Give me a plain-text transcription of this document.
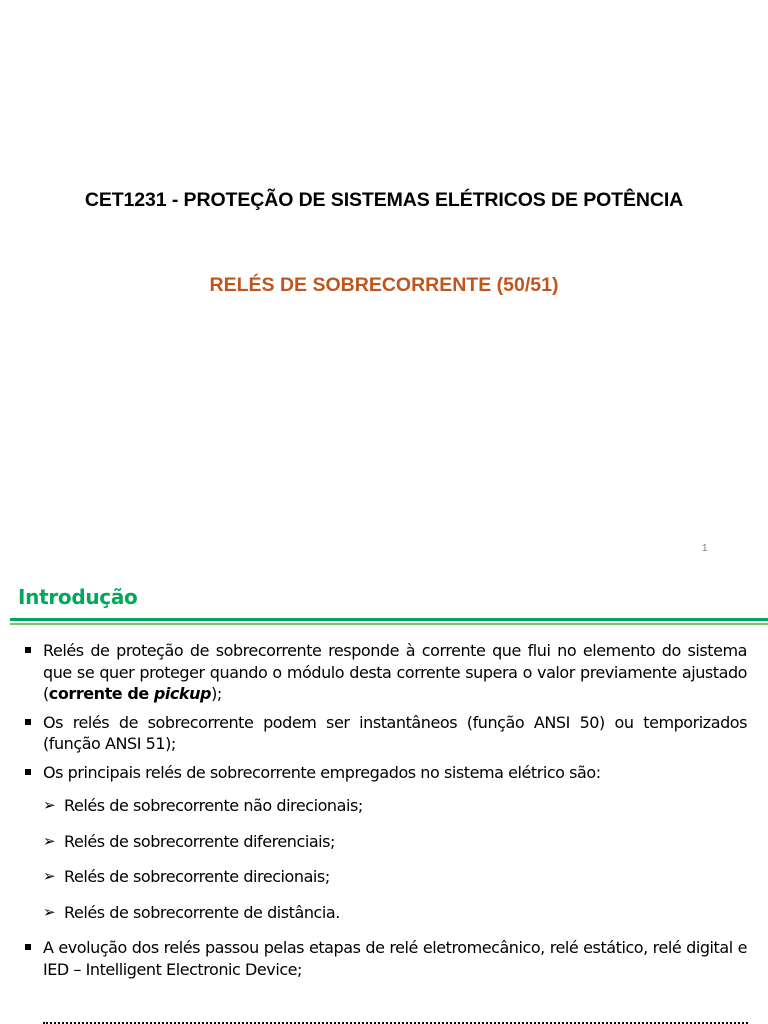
CET1231 - PROTEÇÃO DE SISTEMAS ELÉTRICOS DE POTÊNCIA
RELÉS DE SOBRECORRENTE (50/51)
1
Introdução
Relés de proteção de sobrecorrente responde à corrente que flui no elemento do sistema que se quer proteger quando o módulo desta corrente supera o valor previamente ajustado (corrente de pickup);
Os relés de sobrecorrente podem ser instantâneos (função ANSI 50) ou temporizados (função ANSI 51);
Os principais relés de sobrecorrente empregados no sistema elétrico são:
➢ Relés de sobrecorrente não direcionais;
➢ Relés de sobrecorrente diferenciais;
➢ Relés de sobrecorrente direcionais;
➢ Relés de sobrecorrente de distância.
A evolução dos relés passou pelas etapas de relé eletromecânico, relé estático, relé digital e IED – Intelligent Electronic Device;
